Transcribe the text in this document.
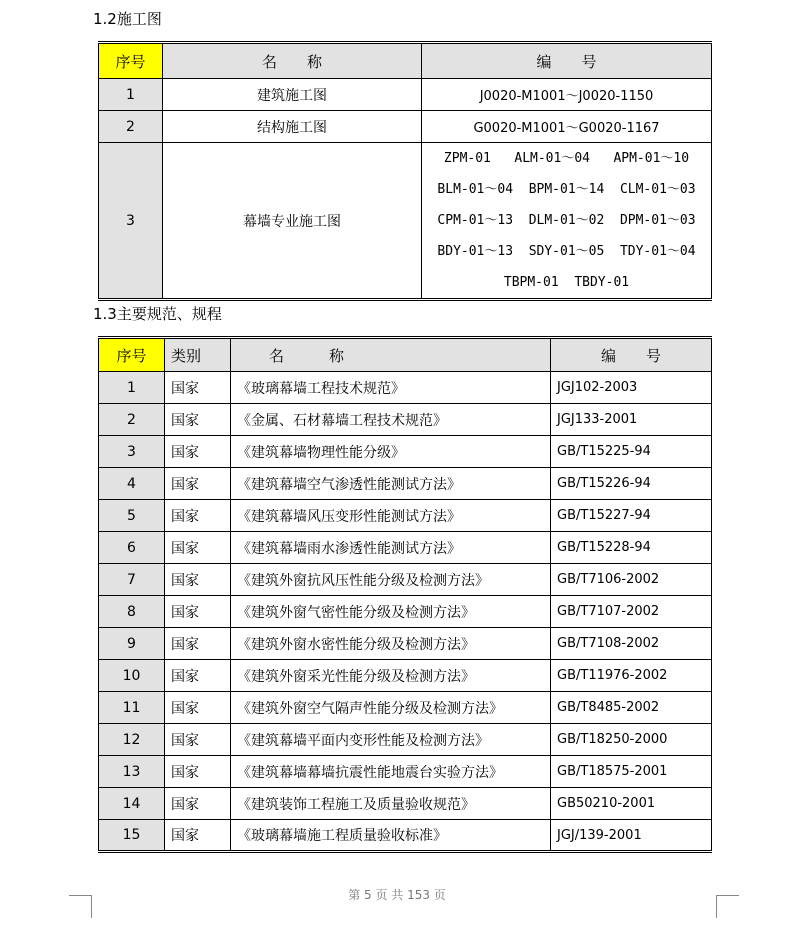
1.2施工图
序号	名　　称	编　　号
1	建筑施工图	J0020-M1001～J0020-1150
2	结构施工图	G0020-M1001～G0020-1167
3	幕墙专业施工图	ZPM-01   ALM-01～04   APM-01～10
BLM-01～04  BPM-01～14  CLM-01～03
CPM-01～13  DLM-01～02  DPM-01～03
BDY-01～13  SDY-01～05  TDY-01～04
TBPM-01  TBDY-01
1.3主要规范、规程
序号	类别	名　　　称	编　　号
1	国家	《玻璃幕墙工程技术规范》	JGJ102-2003
2	国家	《金属、石材幕墙工程技术规范》	JGJ133-2001
3	国家	《建筑幕墙物理性能分级》	GB/T15225-94
4	国家	《建筑幕墙空气渗透性能测试方法》	GB/T15226-94
5	国家	《建筑幕墙风压变形性能测试方法》	GB/T15227-94
6	国家	《建筑幕墙雨水渗透性能测试方法》	GB/T15228-94
7	国家	《建筑外窗抗风压性能分级及检测方法》	GB/T7106-2002
8	国家	《建筑外窗气密性能分级及检测方法》	GB/T7107-2002
9	国家	《建筑外窗水密性能分级及检测方法》	GB/T7108-2002
10	国家	《建筑外窗采光性能分级及检测方法》	GB/T11976-2002
11	国家	《建筑外窗空气隔声性能分级及检测方法》	GB/T8485-2002
12	国家	《建筑幕墙平面内变形性能及检测方法》	GB/T18250-2000
13	国家	《建筑幕墙幕墙抗震性能地震台实验方法》	GB/T18575-2001
14	国家	《建筑装饰工程施工及质量验收规范》	GB50210-2001
15	国家	《玻璃幕墙施工程质量验收标准》	JGJ/139-2001
第 5 页 共 153 页
